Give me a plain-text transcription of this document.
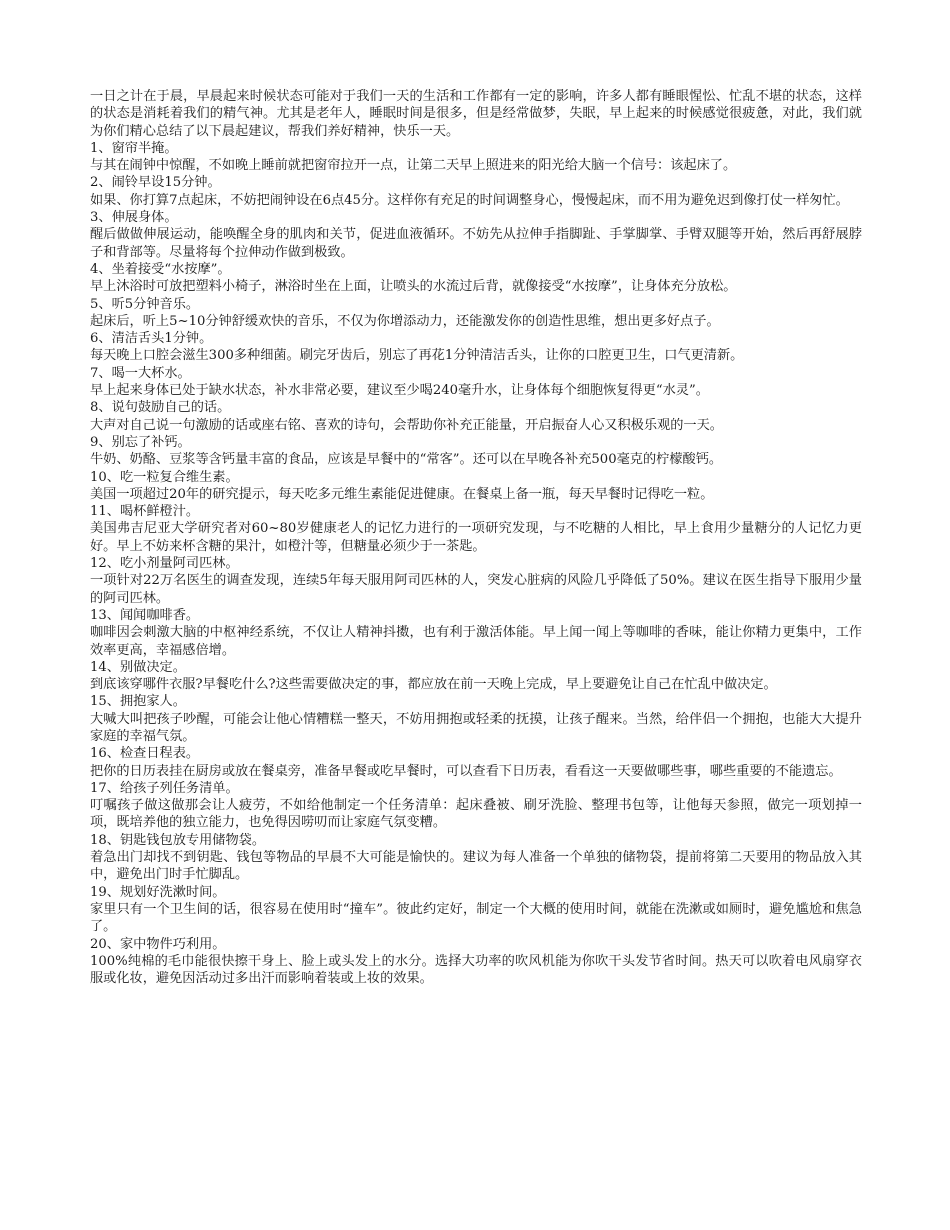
一日之计在于晨，早晨起来时候状态可能对于我们一天的生活和工作都有一定的影响，许多人都有睡眼惺忪、忙乱不堪的状态，这样的状态是消耗着我们的精气神。尤其是老年人，睡眠时间是很多，但是经常做梦，失眠，早上起来的时候感觉很疲惫，对此，我们就为你们精心总结了以下晨起建议，帮我们养好精神，快乐一天。

1、窗帘半掩。

与其在闹钟中惊醒，不如晚上睡前就把窗帘拉开一点，让第二天早上照进来的阳光给大脑一个信号：该起床了。

2、闹铃早设15分钟。

如果、你打算7点起床，不妨把闹钟设在6点45分。这样你有充足的时间调整身心，慢慢起床，而不用为避免迟到像打仗一样匆忙。

3、伸展身体。

醒后做做伸展运动，能唤醒全身的肌肉和关节，促进血液循环。不妨先从拉伸手指脚趾、手掌脚掌、手臂双腿等开始，然后再舒展脖子和背部等。尽量将每个拉伸动作做到极致。

4、坐着接受“水按摩”。

早上沐浴时可放把塑料小椅子，淋浴时坐在上面，让喷头的水流过后背，就像接受“水按摩”，让身体充分放松。

5、听5分钟音乐。

起床后，听上5~10分钟舒缓欢快的音乐，不仅为你增添动力，还能激发你的创造性思维，想出更多好点子。

6、清洁舌头1分钟。

每天晚上口腔会滋生300多种细菌。刷完牙齿后，别忘了再花1分钟清洁舌头，让你的口腔更卫生，口气更清新。

7、喝一大杯水。

早上起来身体已处于缺水状态，补水非常必要，建议至少喝240毫升水，让身体每个细胞恢复得更“水灵”。

8、说句鼓励自己的话。

大声对自己说一句激励的话或座右铭、喜欢的诗句，会帮助你补充正能量，开启振奋人心又积极乐观的一天。

9、别忘了补钙。

牛奶、奶酪、豆浆等含钙量丰富的食品，应该是早餐中的“常客”。还可以在早晚各补充500毫克的柠檬酸钙。

10、吃一粒复合维生素。

美国一项超过20年的研究提示，每天吃多元维生素能促进健康。在餐桌上备一瓶，每天早餐时记得吃一粒。

11、喝杯鲜橙汁。

美国弗吉尼亚大学研究者对60~80岁健康老人的记忆力进行的一项研究发现，与不吃糖的人相比，早上食用少量糖分的人记忆力更好。早上不妨来杯含糖的果汁，如橙汁等，但糖量必须少于一茶匙。

12、吃小剂量阿司匹林。

一项针对22万名医生的调查发现，连续5年每天服用阿司匹林的人，突发心脏病的风险几乎降低了50%。建议在医生指导下服用少量的阿司匹林。

13、闻闻咖啡香。

咖啡因会刺激大脑的中枢神经系统，不仅让人精神抖擞，也有利于激活体能。早上闻一闻上等咖啡的香味，能让你精力更集中，工作效率更高，幸福感倍增。

14、别做决定。

到底该穿哪件衣服?早餐吃什么?这些需要做决定的事，都应放在前一天晚上完成，早上要避免让自己在忙乱中做决定。

15、拥抱家人。

大喊大叫把孩子吵醒，可能会让他心情糟糕一整天，不妨用拥抱或轻柔的抚摸，让孩子醒来。当然，给伴侣一个拥抱，也能大大提升家庭的幸福气氛。

16、检查日程表。

把你的日历表挂在厨房或放在餐桌旁，准备早餐或吃早餐时，可以查看下日历表，看看这一天要做哪些事，哪些重要的不能遗忘。

17、给孩子列任务清单。

叮嘱孩子做这做那会让人疲劳，不如给他制定一个任务清单：起床叠被、刷牙洗脸、整理书包等，让他每天参照，做完一项划掉一项，既培养他的独立能力，也免得因唠叨而让家庭气氛变糟。

18、钥匙钱包放专用储物袋。

着急出门却找不到钥匙、钱包等物品的早晨不大可能是愉快的。建议为每人准备一个单独的储物袋，提前将第二天要用的物品放入其中，避免出门时手忙脚乱。

19、规划好洗漱时间。

家里只有一个卫生间的话，很容易在使用时“撞车”。彼此约定好，制定一个大概的使用时间，就能在洗漱或如厕时，避免尴尬和焦急了。

20、家中物件巧利用。

100%纯棉的毛巾能很快擦干身上、脸上或头发上的水分。选择大功率的吹风机能为你吹干头发节省时间。热天可以吹着电风扇穿衣服或化妆，避免因活动过多出汗而影响着装或上妆的效果。
